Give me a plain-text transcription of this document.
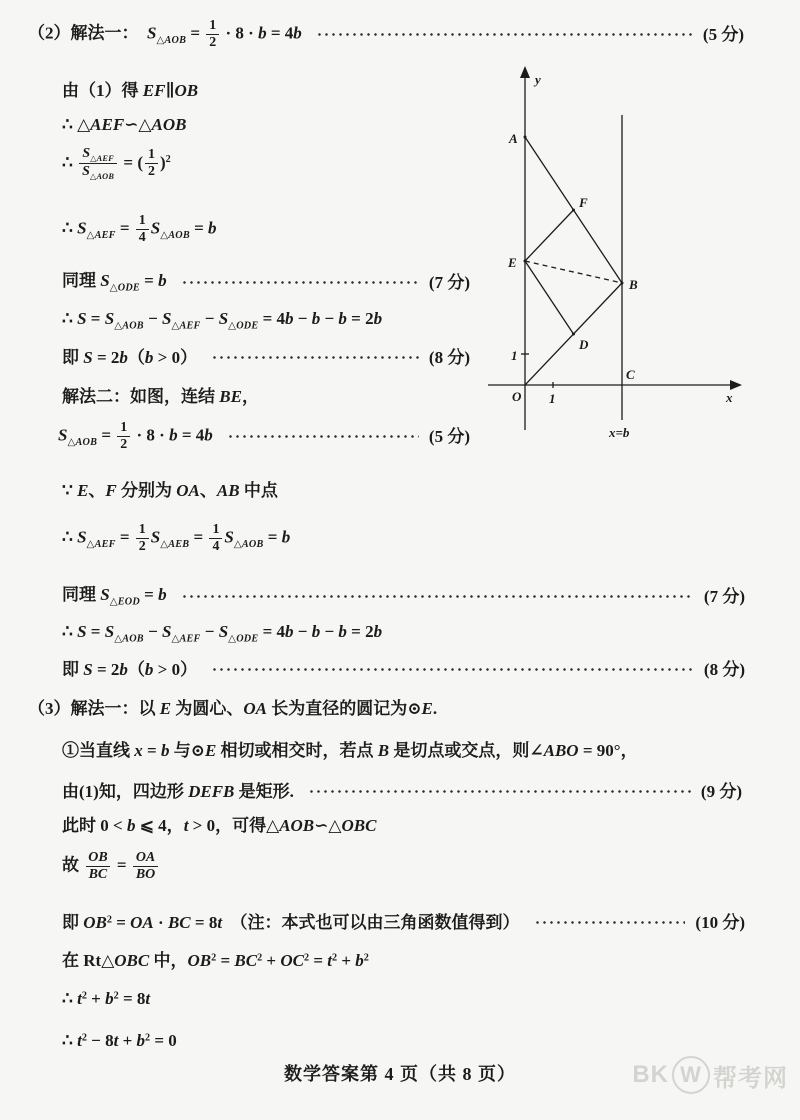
（2）解法一：　$S_{\triangle AOB} = \frac{1}{2} \cdot 8 \cdot b = 4b$	(5 分)
由（1）得 EF∥OB
∴ △AEF∽△AOB
∴ $\frac{S_{\triangle AEF}}{S_{\triangle AOB}}$ = ( $\frac{1}{2} )^2$
∴ $S_{\triangle AEF} = \frac{1}{4} S_{\triangle AOB} = b$
同理 $S_{\triangle ODE} = b$	(7 分)
∴ $S = S_{\triangle AOB} - S_{\triangle AEF} - S_{\triangle ODE} = 4b - b - b = 2b$
即 S = 2b（b > 0）	(8 分)
解法二：如图，连结 BE，
$S_{\triangle AOB} = \frac{1}{2} \cdot 8 \cdot b = 4b$	(5 分)
∵ E、F 分别为 OA、AB 中点
∴ $S_{\triangle AEF} = \frac{1}{2} S_{\triangle AEB} = \frac{1}{4} S_{\triangle AOB} = b$
同理 $S_{\triangle EOD} = b$	(7 分)
∴ $S = S_{\triangle AOB} - S_{\triangle AEF} - S_{\triangle ODE} = 4b - b - b = 2b$
即 S = 2b（b > 0）	(8 分)
（3）解法一：以 E 为圆心、OA 长为直径的圆记为⊙E.
①当直线 x = b 与⊙E 相切或相交时，若点 B 是切点或交点，则∠ABO = 90°，
由(1)知，四边形 DEFB 是矩形.	(9 分)
此时 0 < b ⩽ 4，t > 0，可得△AOB∽△OBC
故 $\frac{OB}{BC} = \frac{OA}{BO}$
即 $OB^2$ = OA · BC = 8t　（注：本式也可以由三角函数值得到）	(10 分)
在 Rt△OBC 中，$OB^2 = BC^2 + OC^2 = t^2 + b^2$
∴ $t^2 + b^2 = 8t$
∴ $t^2 - 8t + b^2 = 0$
y
x
O
A
E
F
B
D
C
x=b
1
1
数学答案第 4 页（共 8 页）	BK W 帮考网
